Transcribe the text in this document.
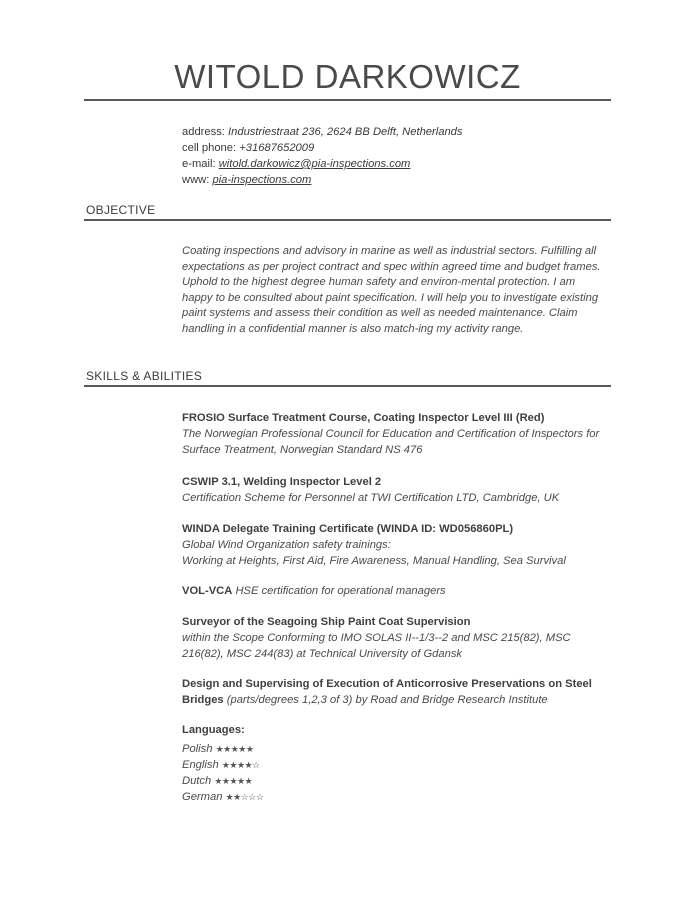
WITOLD DARKOWICZ
address: Industriestraat 236, 2624 BB Delft, Netherlands
cell phone: +31687652009
e-mail: witold.darkowicz@pia-inspections.com
www: pia-inspections.com
OBJECTIVE
Coating inspections and advisory in marine as well as industrial sectors. Fulfilling all expectations as per project contract and spec within agreed time and budget frames. Uphold to the highest degree human safety and environ-mental protection. I am happy to be consulted about paint specification. I will help you to investigate existing paint systems and assess their condition as well as needed maintenance. Claim handling in a confidential manner is also match-ing my activity range.
SKILLS & ABILITIES
FROSIO Surface Treatment Course, Coating Inspector Level III (Red)
The Norwegian Professional Council for Education and Certification of Inspectors for Surface Treatment, Norwegian Standard NS 476
CSWIP 3.1, Welding Inspector Level 2
Certification Scheme for Personnel at TWI Certification LTD, Cambridge, UK
WINDA Delegate Training Certificate (WINDA ID: WD056860PL)
Global Wind Organization safety trainings:
Working at Heights, First Aid, Fire Awareness, Manual Handling, Sea Survival
VOL-VCA HSE certification for operational managers
Surveyor of the Seagoing Ship Paint Coat Supervision
within the Scope Conforming to IMO SOLAS II--1/3--2 and MSC 215(82), MSC 216(82), MSC 244(83) at Technical University of Gdansk
Design and Supervising of Execution of Anticorrosive Preservations on Steel Bridges (parts/degrees 1,2,3 of 3) by Road and Bridge Research Institute
Languages:
Polish ★★★★★
English ★★★★☆
Dutch ★★★★★
German ★★☆☆☆
